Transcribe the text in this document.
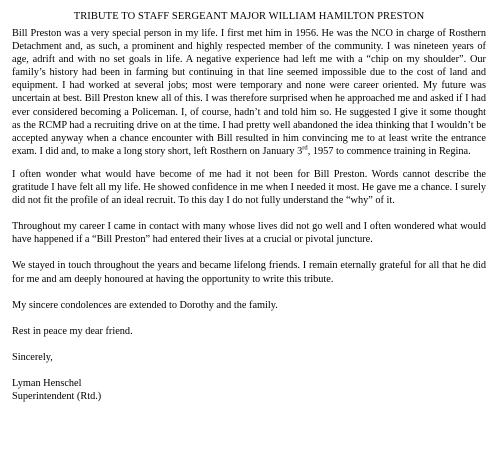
TRIBUTE TO STAFF SERGEANT MAJOR WILLIAM HAMILTON PRESTON

Bill Preston was a very special person in my life. I first met him in 1956. He was the NCO in charge of Rosthern Detachment and, as such, a prominent and highly respected member of the community. I was nineteen years of age, adrift and with no set goals in life. A negative experience had left me with a “chip on my shoulder”. Our family’s history had been in farming but continuing in that line seemed impossible due to the cost of land and equipment. I had worked at several jobs; most were temporary and none were career oriented. My future was uncertain at best. Bill Preston knew all of this. I was therefore surprised when he approached me and asked if I had ever considered becoming a Policeman. I, of course, hadn’t and told him so. He suggested I give it some thought as the RCMP had a recruiting drive on at the time. I had pretty well abandoned the idea thinking that I wouldn’t be accepted anyway when a chance encounter with Bill resulted in him convincing me to at least write the entrance exam. I did and, to make a long story short, left Rosthern on January 3rd, 1957 to commence training in Regina.

I often wonder what would have become of me had it not been for Bill Preston. Words cannot describe the gratitude I have felt all my life. He showed confidence in me when I needed it most. He gave me a chance. I surely did not fit the profile of an ideal recruit. To this day I do not fully understand the “why” of it.

Throughout my career I came in contact with many whose lives did not go well and I often wondered what would have happened if a “Bill Preston” had entered their lives at a crucial or pivotal juncture.

We stayed in touch throughout the years and became lifelong friends. I remain eternally grateful for all that he did for me and am deeply honoured at having the opportunity to write this tribute.

My sincere condolences are extended to Dorothy and the family.

Rest in peace my dear friend.

Sincerely,

Lyman Henschel

Superintendent (Rtd.)
